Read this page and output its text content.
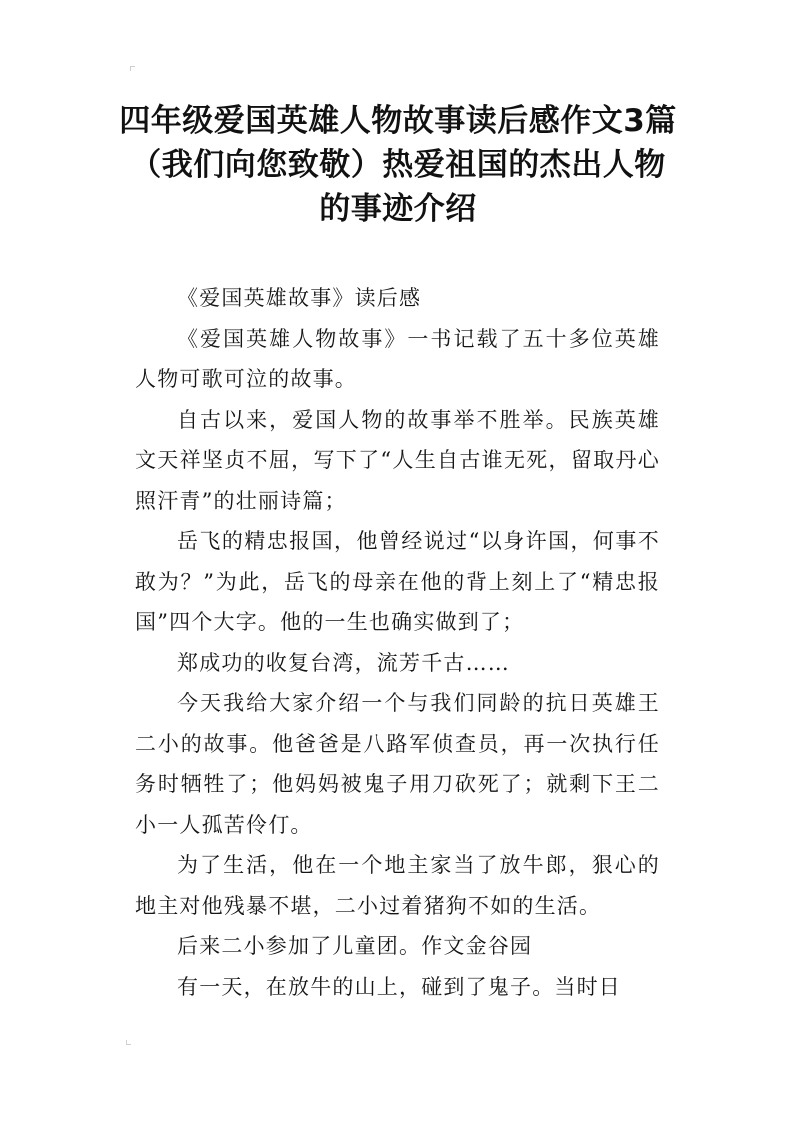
四年级爱国英雄人物故事读后感作文3篇（我们向您致敬）热爱祖国的杰出人物的事迹介绍

《爱国英雄故事》读后感

《爱国英雄人物故事》一书记载了五十多位英雄人物可歌可泣的故事。

自古以来，爱国人物的故事举不胜举。民族英雄文天祥坚贞不屈，写下了“人生自古谁无死，留取丹心照汗青”的壮丽诗篇；

岳飞的精忠报国，他曾经说过“以身许国，何事不敢为？”为此，岳飞的母亲在他的背上刻上了“精忠报国”四个大字。他的一生也确实做到了；

郑成功的收复台湾，流芳千古……

今天我给大家介绍一个与我们同龄的抗日英雄王二小的故事。他爸爸是八路军侦查员，再一次执行任务时牺牲了；他妈妈被鬼子用刀砍死了；就剩下王二小一人孤苦伶仃。

为了生活，他在一个地主家当了放牛郎，狠心的地主对他残暴不堪，二小过着猪狗不如的生活。

后来二小参加了儿童团。作文金谷园

有一天，在放牛的山上，碰到了鬼子。当时日
